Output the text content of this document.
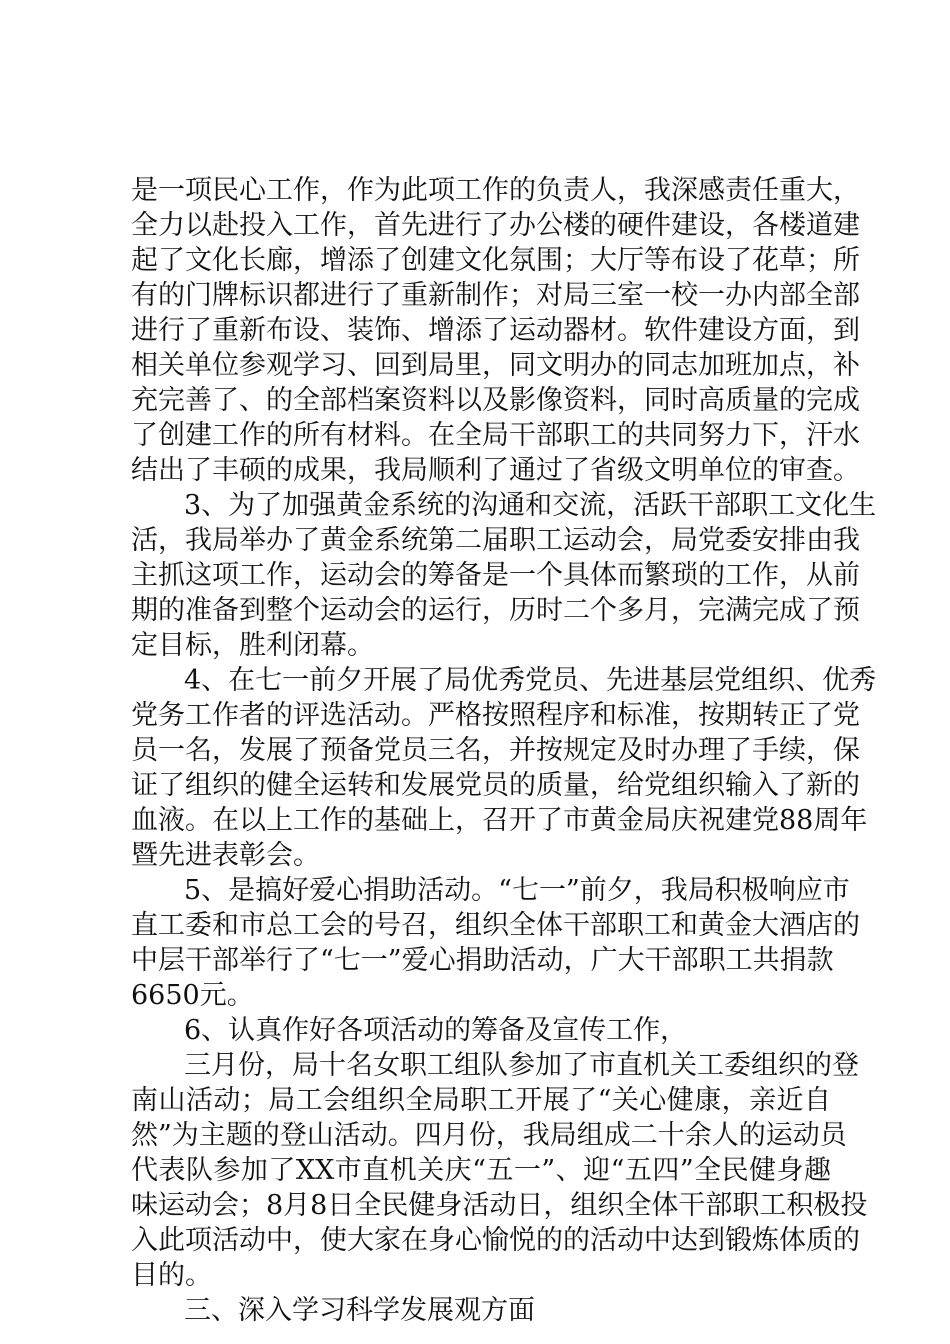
是一项民心工作，作为此项工作的负责人，我深感责任重大，
全力以赴投入工作，首先进行了办公楼的硬件建设，各楼道建
起了文化长廊，增添了创建文化氛围；大厅等布设了花草；所
有的门牌标识都进行了重新制作；对局三室一校一办内部全部
进行了重新布设、装饰、增添了运动器材。软件建设方面，到
相关单位参观学习、回到局里，同文明办的同志加班加点，补
充完善了、的全部档案资料以及影像资料，同时高质量的完成
了创建工作的所有材料。在全局干部职工的共同努力下，汗水
结出了丰硕的成果，我局顺利了通过了省级文明单位的审查。
3、为了加强黄金系统的沟通和交流，活跃干部职工文化生
活，我局举办了黄金系统第二届职工运动会，局党委安排由我
主抓这项工作，运动会的筹备是一个具体而繁琐的工作，从前
期的准备到整个运动会的运行，历时二个多月，完满完成了预
定目标，胜利闭幕。
4、在七一前夕开展了局优秀党员、先进基层党组织、优秀
党务工作者的评选活动。严格按照程序和标准，按期转正了党
员一名，发展了预备党员三名，并按规定及时办理了手续，保
证了组织的健全运转和发展党员的质量，给党组织输入了新的
血液。在以上工作的基础上，召开了市黄金局庆祝建党88周年
暨先进表彰会。
5、是搞好爱心捐助活动。“七一”前夕，我局积极响应市
直工委和市总工会的号召，组织全体干部职工和黄金大酒店的
中层干部举行了“七一”爱心捐助活动，广大干部职工共捐款
6650元。
6、认真作好各项活动的筹备及宣传工作，
三月份，局十名女职工组队参加了市直机关工委组织的登
南山活动；局工会组织全局职工开展了“关心健康，亲近自
然”为主题的登山活动。四月份，我局组成二十余人的运动员
代表队参加了XX市直机关庆“五一”、迎“五四”全民健身趣
味运动会；8月8日全民健身活动日，组织全体干部职工积极投
入此项活动中，使大家在身心愉悦的的活动中达到锻炼体质的
目的。
三、深入学习科学发展观方面
